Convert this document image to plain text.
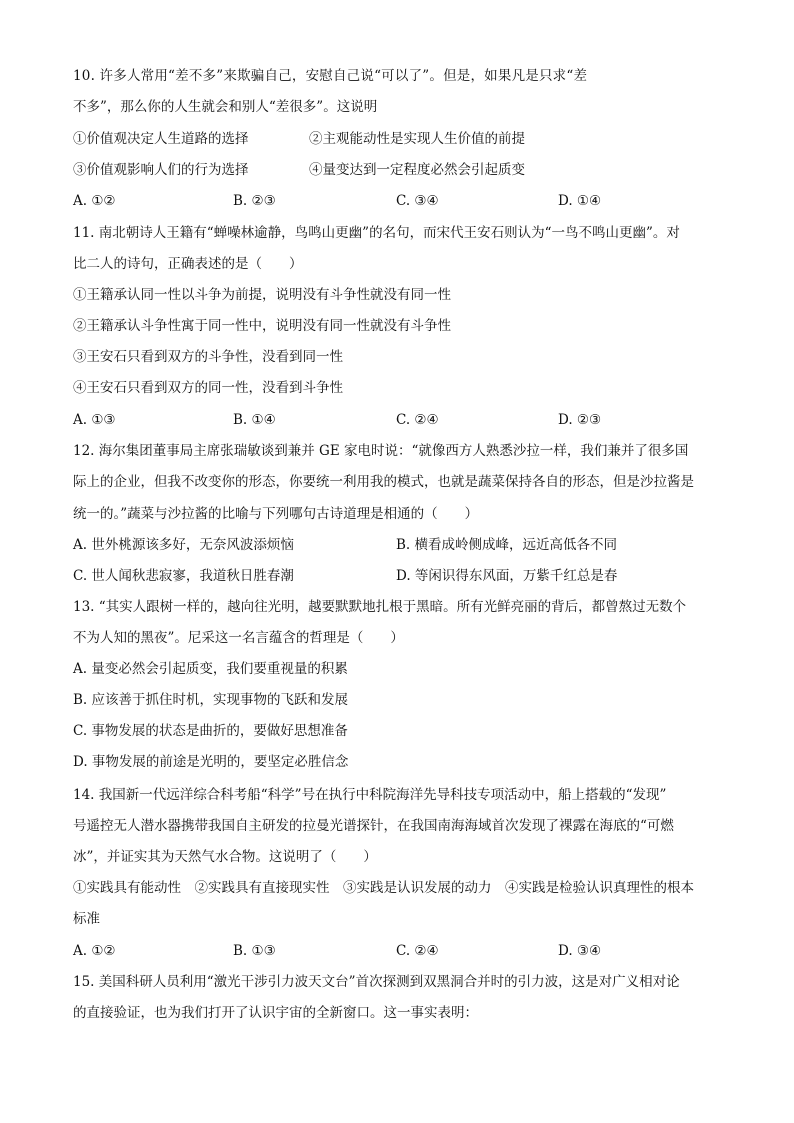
10. 许多人常用“差不多”来欺骗自己，安慰自己说“可以了”。但是，如果凡是只求“差
不多”，那么你的人生就会和别人“差很多”。这说明
①价值观决定人生道路的选择	②主观能动性是实现人生价值的前提
③价值观影响人们的行为选择	④量变达到一定程度必然会引起质变
A. ①②	B. ②③	C. ③④	D. ①④
11. 南北朝诗人王籍有“蝉噪林逾静，鸟鸣山更幽”的名句，而宋代王安石则认为“一鸟不鸣山更幽”。对
比二人的诗句，正确表述的是（　　）
①王籍承认同一性以斗争为前提，说明没有斗争性就没有同一性
②王籍承认斗争性寓于同一性中，说明没有同一性就没有斗争性
③王安石只看到双方的斗争性，没看到同一性
④王安石只看到双方的同一性，没看到斗争性
A. ①③	B. ①④	C. ②④	D. ②③
12. 海尔集团董事局主席张瑞敏谈到兼并 GE 家电时说：“就像西方人熟悉沙拉一样，我们兼并了很多国
际上的企业，但我不改变你的形态，你要统一利用我的模式，也就是蔬菜保持各自的形态，但是沙拉酱是
统一的。”蔬菜与沙拉酱的比喻与下列哪句古诗道理是相通的（　　）
A. 世外桃源该多好，无奈风波添烦恼	B. 横看成岭侧成峰，远近高低各不同
C. 世人闻秋悲寂寥，我道秋日胜春潮	D. 等闲识得东风面，万紫千红总是春
13. “其实人跟树一样的，越向往光明，越要默默地扎根于黑暗。所有光鲜亮丽的背后，都曾熬过无数个
不为人知的黑夜”。尼采这一名言蕴含的哲理是（　　）
A. 量变必然会引起质变，我们要重视量的积累
B. 应该善于抓住时机，实现事物的飞跃和发展
C. 事物发展的状态是曲折的，要做好思想准备
D. 事物发展的前途是光明的，要坚定必胜信念
14. 我国新一代远洋综合科考船“科学”号在执行中科院海洋先导科技专项活动中，船上搭载的“发现”
号遥控无人潜水器携带我国自主研发的拉曼光谱探针，在我国南海海域首次发现了裸露在海底的“可燃
冰”，并证实其为天然气水合物。这说明了（　　）
①实践具有能动性　②实践具有直接现实性　③实践是认识发展的动力　④实践是检验认识真理性的根本
标准
A. ①②	B. ①③	C. ②④	D. ③④
15. 美国科研人员利用“激光干涉引力波天文台”首次探测到双黑洞合并时的引力波，这是对广义相对论
的直接验证，也为我们打开了认识宇宙的全新窗口。这一事实表明：
